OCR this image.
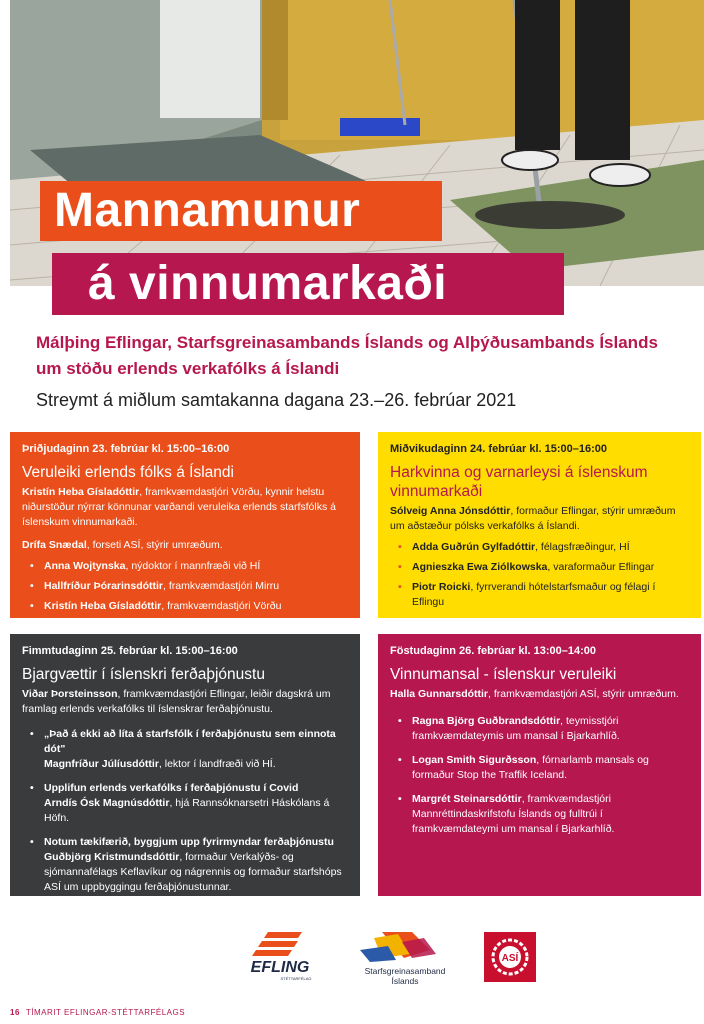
Mannamunur
á vinnumarkaði
Málþing Eflingar, Starfsgreinasambands Íslands og Alþýðusambands Íslands um stöðu erlends verkafólks á Íslandi
Streymt á miðlum samtakanna dagana 23.–26. febrúar 2021
Þriðjudaginn 23. febrúar kl. 15:00–16:00
Veruleiki erlends fólks á Íslandi
Kristín Heba Gísladóttir, framkvæmdastjóri Vörðu, kynnir helstu niðurstöður nýrrar könnunar varðandi veruleika erlends starfsfólks á íslenskum vinnumarkaði.
Drífa Snædal, forseti ASÍ, stýrir umræðum.
• Anna Wojtynska, nýdoktor í mannfræði við HÍ
• Hallfríður Þórarinsdóttir, framkvæmdastjóri Mirru
• Kristín Heba Gísladóttir, framkvæmdastjóri Vörðu
Miðvikudaginn 24. febrúar kl. 15:00–16:00
Harkvinna og varnarleysi á íslenskum vinnumarkaði
Sólveig Anna Jónsdóttir, formaður Eflingar, stýrir umræðum um aðstæður pólsks verkafólks á Íslandi.
• Adda Guðrún Gylfadóttir, félagsfræðingur, HÍ
• Agnieszka Ewa Ziólkowska, varaformaður Eflingar
• Piotr Roicki, fyrrverandi hótelstarfsmaður og félagi í Eflingu
Fimmtudaginn 25. febrúar kl. 15:00–16:00
Bjargvættir í íslenskri ferðaþjónustu
Viðar Þorsteinsson, framkvæmdastjóri Eflingar, leiðir dagskrá um framlag erlends verkafólks til íslenskrar ferðaþjónustu.
• „Það á ekki að líta á starfsfólk í ferðaþjónustu sem einnota dót"
Magnfríður Júlíusdóttir, lektor í landfræði við HÍ.
• Upplifun erlends verkafólks í ferðaþjónustu í Covid
Arndís Ósk Magnúsdóttir, hjá Rannsóknarsetri Háskólans á Höfn.
• Notum tækifærið, byggjum upp fyrirmyndar ferðaþjónustu
Guðbjörg Kristmundsdóttir, formaður Verkalýðs- og sjómannafélags Keflavíkur og nágrennis og formaður starfshóps ASÍ um uppbyggingu ferðaþjónustunnar.
Föstudaginn 26. febrúar kl. 13:00–14:00
Vinnumansal - íslenskur veruleiki
Halla Gunnarsdóttir, framkvæmdastjóri ASÍ, stýrir umræðum.
• Ragna Björg Guðbrandsdóttir, teymisstjóri framkvæmdateymis um mansal í Bjarkarhlíð.
• Logan Smith Sigurðsson, fórnarlamb mansals og formaður Stop the Traffik Iceland.
• Margrét Steinarsdóttir, framkvæmdastjóri Mannréttindaskrifstofu Íslands og fulltrúi í framkvæmdateymi um mansal í Bjarkarhlíð.
EFLING
STÉTTARFÉLAG
Starfsgreinasamband
Íslands
ASÍ
16 TÍMARIT EFLINGAR-STÉTTARFÉLAGS
